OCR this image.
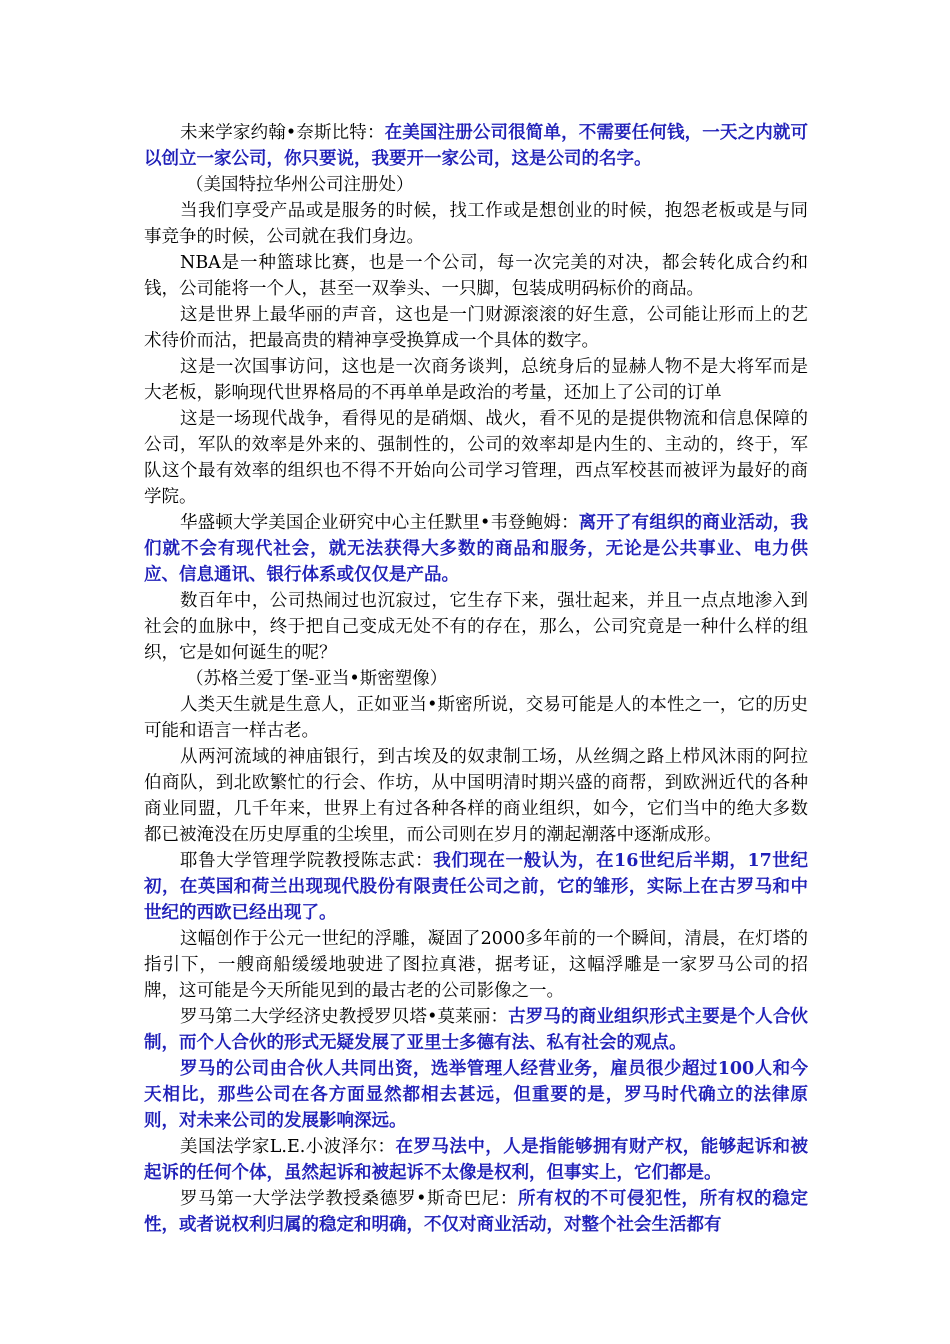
未来学家约翰•奈斯比特：在美国注册公司很简单，不需要任何钱，一天之内就可以创立一家公司，你只要说，我要开一家公司，这是公司的名字。

（美国特拉华州公司注册处）

当我们享受产品或是服务的时候，找工作或是想创业的时候，抱怨老板或是与同事竞争的时候，公司就在我们身边。

NBA是一种篮球比赛，也是一个公司，每一次完美的对决，都会转化成合约和钱，公司能将一个人，甚至一双拳头、一只脚，包装成明码标价的商品。

这是世界上最华丽的声音，这也是一门财源滚滚的好生意，公司能让形而上的艺术待价而沽，把最高贵的精神享受换算成一个具体的数字。

这是一次国事访问，这也是一次商务谈判，总统身后的显赫人物不是大将军而是大老板，影响现代世界格局的不再单单是政治的考量，还加上了公司的订单

这是一场现代战争，看得见的是硝烟、战火，看不见的是提供物流和信息保障的公司，军队的效率是外来的、强制性的，公司的效率却是内生的、主动的，终于，军队这个最有效率的组织也不得不开始向公司学习管理，西点军校甚而被评为最好的商学院。

华盛顿大学美国企业研究中心主任默里•韦登鲍姆：离开了有组织的商业活动，我们就不会有现代社会，就无法获得大多数的商品和服务，无论是公共事业、电力供应、信息通讯、银行体系或仅仅是产品。

数百年中，公司热闹过也沉寂过，它生存下来，强壮起来，并且一点点地渗入到社会的血脉中，终于把自己变成无处不有的存在，那么，公司究竟是一种什么样的组织，它是如何诞生的呢？

（苏格兰爱丁堡-亚当•斯密塑像）

人类天生就是生意人，正如亚当•斯密所说，交易可能是人的本性之一，它的历史可能和语言一样古老。

从两河流域的神庙银行，到古埃及的奴隶制工场，从丝绸之路上栉风沐雨的阿拉伯商队，到北欧繁忙的行会、作坊，从中国明清时期兴盛的商帮，到欧洲近代的各种商业同盟，几千年来，世界上有过各种各样的商业组织，如今，它们当中的绝大多数都已被淹没在历史厚重的尘埃里，而公司则在岁月的潮起潮落中逐渐成形。

耶鲁大学管理学院教授陈志武：我们现在一般认为，在16世纪后半期，17世纪初，在英国和荷兰出现现代股份有限责任公司之前，它的雏形，实际上在古罗马和中世纪的西欧已经出现了。

这幅创作于公元一世纪的浮雕，凝固了2000多年前的一个瞬间，清晨，在灯塔的指引下，一艘商船缓缓地驶进了图拉真港，据考证，这幅浮雕是一家罗马公司的招牌，这可能是今天所能见到的最古老的公司影像之一。

罗马第二大学经济史教授罗贝塔•莫莱丽：古罗马的商业组织形式主要是个人合伙制，而个人合伙的形式无疑发展了亚里士多德有法、私有社会的观点。

罗马的公司由合伙人共同出资，选举管理人经营业务，雇员很少超过100人和今天相比，那些公司在各方面显然都相去甚远，但重要的是，罗马时代确立的法律原则，对未来公司的发展影响深远。

美国法学家L.E.小波泽尔：在罗马法中，人是指能够拥有财产权，能够起诉和被起诉的任何个体，虽然起诉和被起诉不太像是权利，但事实上，它们都是。

罗马第一大学法学教授桑德罗•斯奇巴尼：所有权的不可侵犯性，所有权的稳定性，或者说权利归属的稳定和明确，不仅对商业活动，对整个社会生活都有
